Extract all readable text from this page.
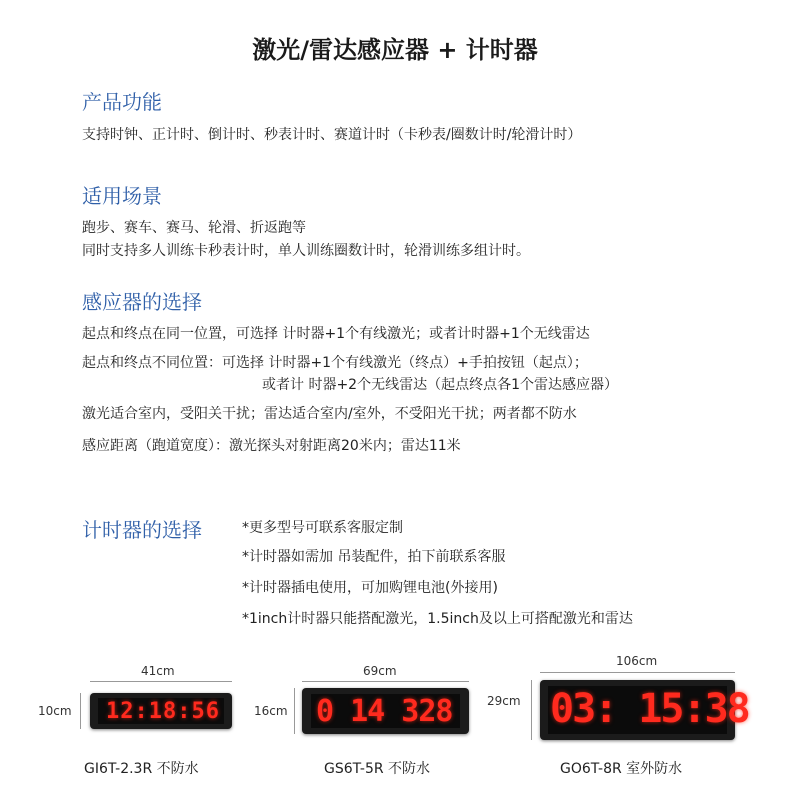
激光/雷达感应器 + 计时器
产品功能
支持时钟、正计时、倒计时、秒表计时、赛道计时（卡秒表/圈数计时/轮滑计时）
适用场景
跑步、赛车、赛马、轮滑、折返跑等
同时支持多人训练卡秒表计时，单人训练圈数计时，轮滑训练多组计时。
感应器的选择
起点和终点在同一位置，可选择 计时器+1个有线激光；或者计时器+1个无线雷达
起点和终点不同位置：可选择 计时器+1个有线激光（终点）+手拍按钮（起点）；
或者计 时器+2个无线雷达（起点终点各1个雷达感应器）
激光适合室内，受阳关干扰；雷达适合室内/室外，不受阳光干扰；两者都不防水
感应距离（跑道宽度）：激光探头对射距离20米内；雷达11米
计时器的选择	*更多型号可联系客服定制
*计时器如需加 吊装配件，拍下前联系客服
*计时器插电使用，可加购锂电池(外接用)
*1inch计时器只能搭配激光，1.5inch及以上可搭配激光和雷达
41cm
10cm 12:18:56
GI6T-2.3R 不防水
69cm
16cm 0 14 328
GS6T-5R 不防水
106cm
29cm 03: 15:38
GO6T-8R 室外防水
